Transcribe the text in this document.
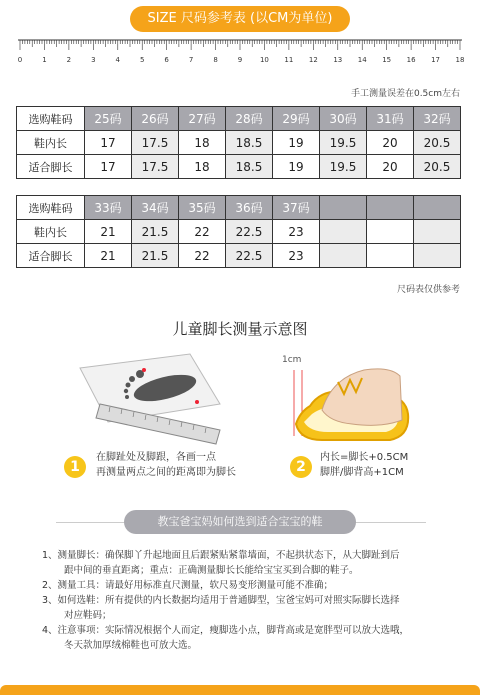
SIZE 尺码参考表 (以CM为单位)
0	1	2	3	4	5	6	7	8	9	10 11 12 13 14 15 16 17 18
手工测量误差在0.5cm左右
选购鞋码	25码	26码	27码	28码	29码	30码	31码	32码
鞋内长	17	17.5	18	18.5	19	19.5	20	20.5
适合脚长	17	17.5	18	18.5	19	19.5	20	20.5
选购鞋码	33码	34码	35码	36码	37码			
鞋内长	21	21.5	22	22.5	23			
适合脚长	21	21.5	22	22.5	23			
尺码表仅供参考
儿童脚长测量示意图
1cm
1
在脚趾处及脚跟，各画一点
再测量两点之间的距离即为脚长	2
内长=脚长+0.5CM
脚胖/脚背高+1CM
教宝爸宝妈如何选到适合宝宝的鞋
1、测量脚长：确保脚丫升起地面且后跟紧贴紧靠墙面，不起拱状态下，从大脚趾到后
跟中间的垂直距离；重点：正确测量脚长长能给宝宝买到合脚的鞋子。
2、测量工具：请最好用标准直尺测量，软尺易变形测量可能不准确；
3、如何选鞋：所有提供的内长数据均适用于普通脚型，宝爸宝妈可对照实际脚长选择
对应鞋码；
4、注意事项：实际情况根据个人而定，瘦脚选小点，脚背高或是宽胖型可以放大选哦，
冬天款加厚绒棉鞋也可放大选。
